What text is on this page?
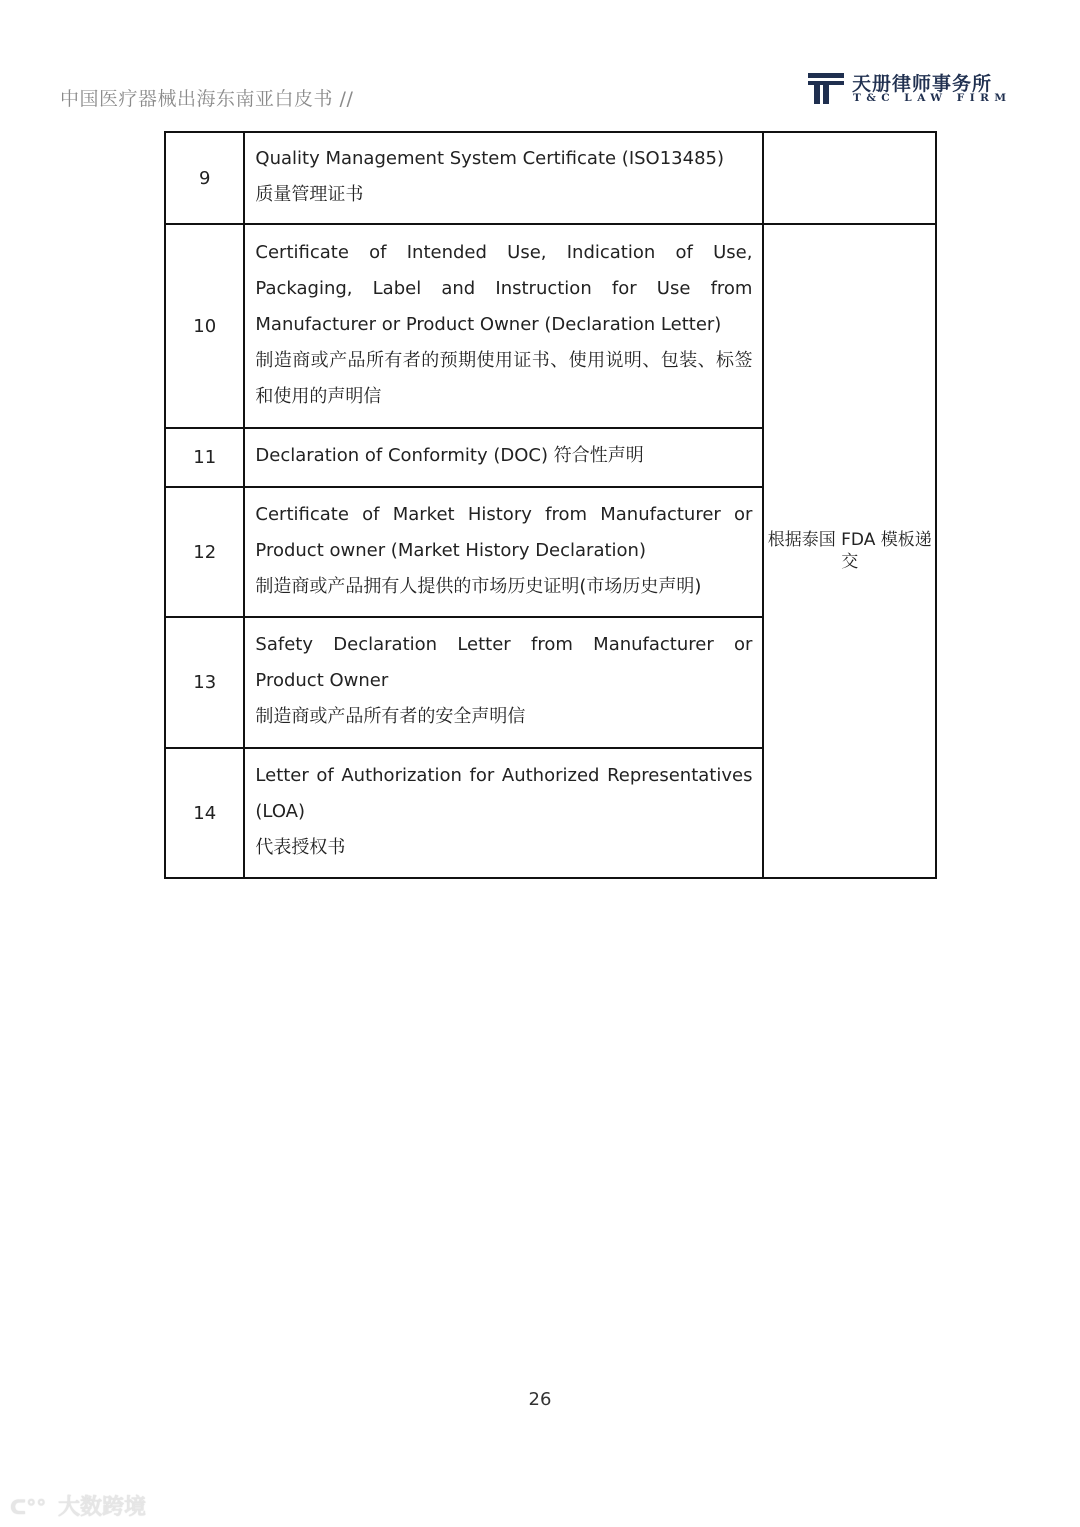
中国医疗器械出海东南亚白皮书 //
天册律师事务所
T&C LAW FIRM
9	Quality Management System Certificate (ISO13485)
质量管理证书	

10	Certificate of Intended Use, Indication of Use, Packaging, Label and Instruction for Use from Manufacturer or Product Owner (Declaration Letter)
制造商或产品所有者的预期使用证书、使用说明、包装、标签和使用的声明信	根据泰国 FDA 模板递交
11	Declaration of Conformity (DOC) 符合性声明	

12	Certificate of Market History from Manufacturer or Product owner (Market History Declaration)
制造商或产品拥有人提供的市场历史证明(市场历史声明)	

13	Safety Declaration Letter from Manufacturer or Product Owner
制造商或产品所有者的安全声明信	

14	Letter of Authorization for Authorized Representatives (LOA)
代表授权书	
26
ᑕ°° 大数跨境
